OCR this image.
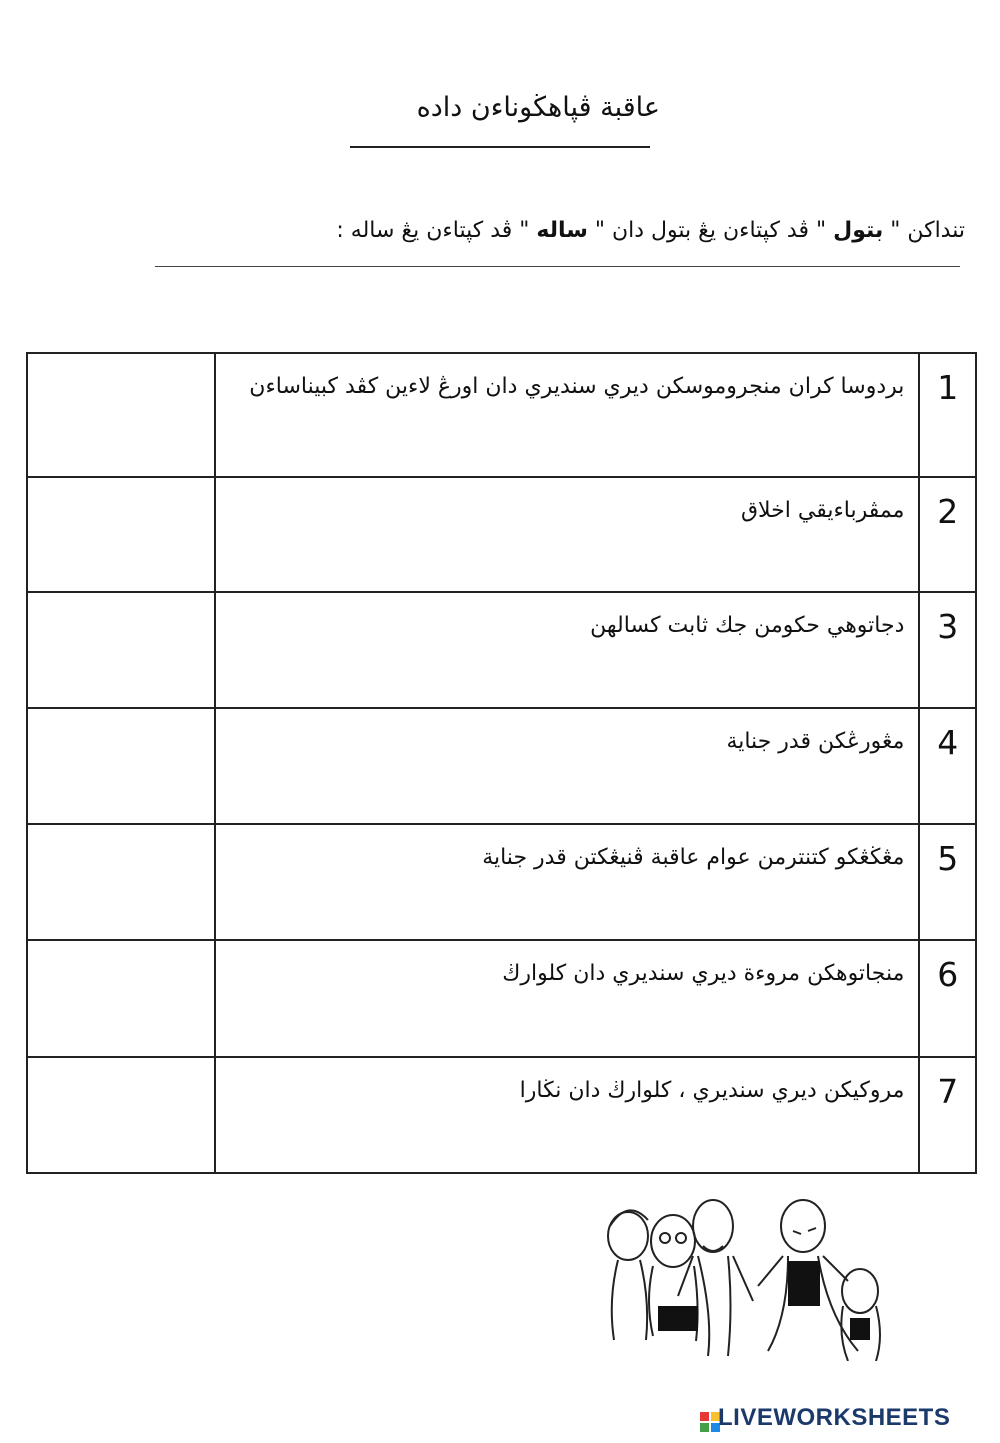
عاقبة ڤپاهڬوناءن داده
تنداكن " بتول " ڤد كپتاءن يڠ بتول دان " ساله " ڤد كپتاءن يڠ ساله :
	بردوسا كران منجروموسكن ديري سنديري دان اورڠ لاءين كڤد كبيناساءن	1
	ممڤرباءيقي اخلاق	2
	دجاتوهي حكومن جك ثابت كسالهن	3
	مڠورڠكن قدر جناية	4
	مڠڬڠكو كتنترمن عوام عاقبة ڤنيڠكتن قدر جناية	5
	منجاتوهكن مروءة ديري سنديري دان كلوارڬ	6
	مروكيكن ديري سنديري ، كلوارڬ دان نڬارا	7
LIVEWORKSHEETS
